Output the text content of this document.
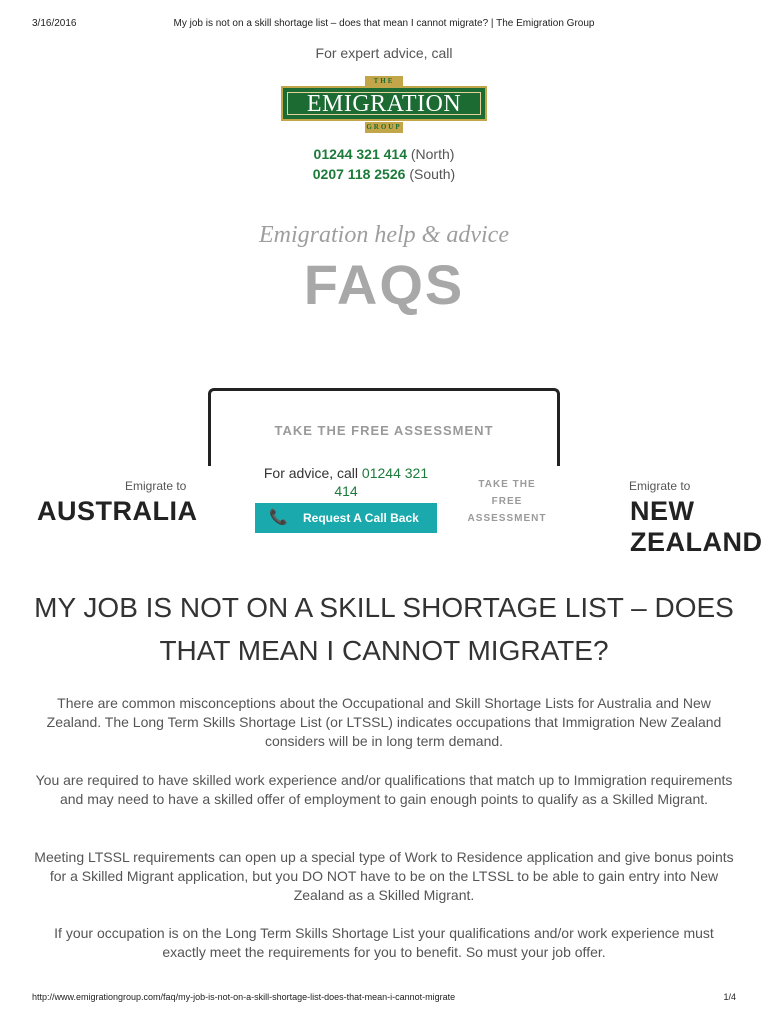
3/16/2016	My job is not on a skill shortage list – does that mean I cannot migrate? | The Emigration Group
For expert advice, call
THE
EMIGRATION
GROUP
01244 321 414 (North)
0207 118 2526 (South)
Emigration help & advice
FAQS
TAKE THE FREE ASSESSMENT
Emigrate to
AUSTRALIA
For advice, call 01244 321 414
📞 Request A Call Back
TAKE THE
FREE
ASSESSMENT
Emigrate to
NEW ZEALAND
MY JOB IS NOT ON A SKILL SHORTAGE LIST – DOES
THAT MEAN I CANNOT MIGRATE?

There are common misconceptions about the Occupational and Skill Shortage Lists for Australia and New Zealand. The Long Term Skills Shortage List (or LTSSL) indicates occupations that Immigration New Zealand considers will be in long term demand.

You are required to have skilled work experience and/or qualifications that match up to Immigration requirements and may need to have a skilled offer of employment to gain enough points to qualify as a Skilled Migrant.

Meeting LTSSL requirements can open up a special type of Work to Residence application and give bonus points for a Skilled Migrant application, but you DO NOT have to be on the LTSSL to be able to gain entry into New Zealand as a Skilled Migrant.

If your occupation is on the Long Term Skills Shortage List your qualifications and/or work experience must exactly meet the requirements for you to benefit. So must your job offer.

http://www.emigrationgroup.com/faq/my-job-is-not-on-a-skill-shortage-list-does-that-mean-i-cannot-migrate	1/4
